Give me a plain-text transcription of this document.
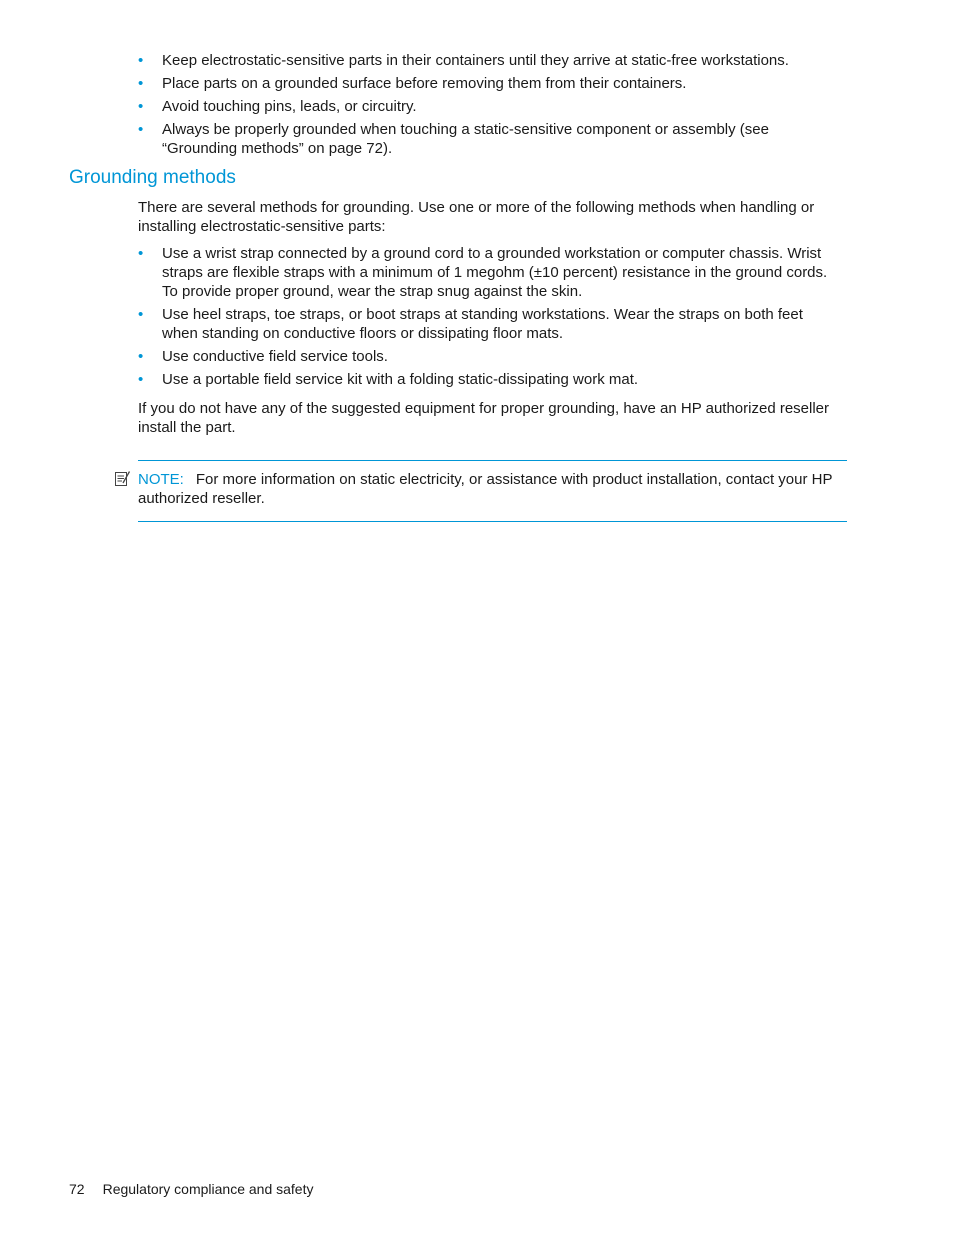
• Keep electrostatic-sensitive parts in their containers until they arrive at static-free workstations.
• Place parts on a grounded surface before removing them from their containers.
• Avoid touching pins, leads, or circuitry.
• Always be properly grounded when touching a static-sensitive component or assembly (see “Grounding methods” on page 72).
Grounding methods

There are several methods for grounding. Use one or more of the following methods when handling or installing electrostatic-sensitive parts:

• Use a wrist strap connected by a ground cord to a grounded workstation or computer chassis. Wrist straps are flexible straps with a minimum of 1 megohm (±10 percent) resistance in the ground cords. To provide proper ground, wear the strap snug against the skin.
• Use heel straps, toe straps, or boot straps at standing workstations. Wear the straps on both feet when standing on conductive floors or dissipating floor mats.
• Use conductive field service tools.
• Use a portable field service kit with a folding static-dissipating work mat.

If you do not have any of the suggested equipment for proper grounding, have an HP authorized reseller install the part.

NOTE: For more information on static electricity, or assistance with product installation, contact your HP authorized reseller.

72 Regulatory compliance and safety
